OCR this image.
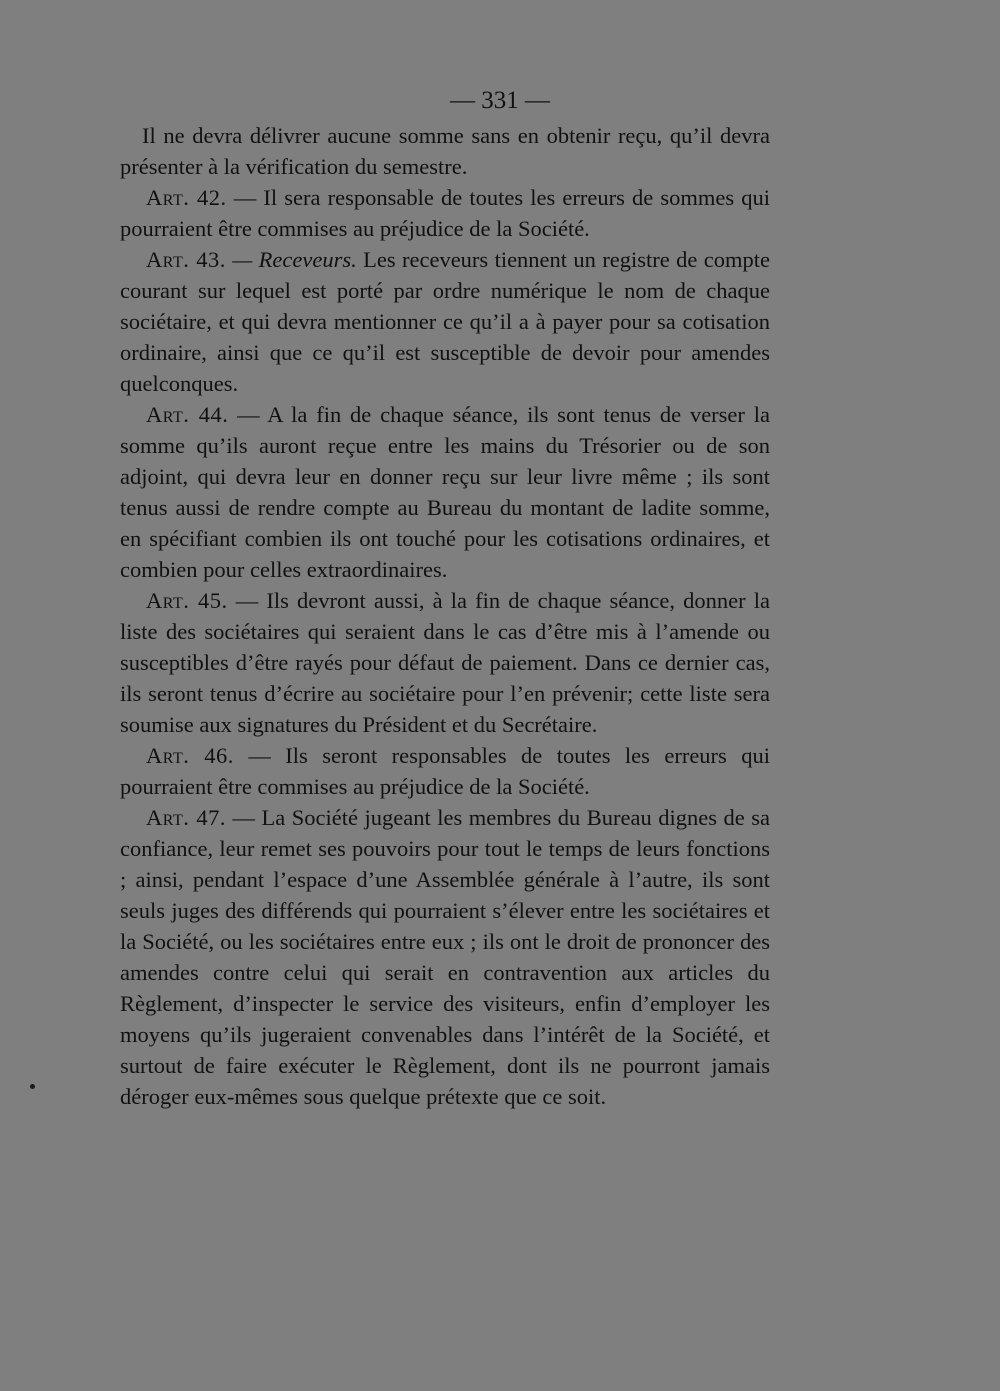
— 331 —

Il ne devra délivrer aucune somme sans en obtenir reçu, qu’il devra présenter à la vérification du semestre.

Art. 42. — Il sera responsable de toutes les erreurs de sommes qui pourraient être commises au préjudice de la Société.

Art. 43. — Receveurs. Les receveurs tiennent un registre de compte courant sur lequel est porté par ordre numérique le nom de chaque sociétaire, et qui devra mentionner ce qu’il a à payer pour sa cotisation ordinaire, ainsi que ce qu’il est susceptible de devoir pour amendes quelconques.

Art. 44. — A la fin de chaque séance, ils sont tenus de verser la somme qu’ils auront reçue entre les mains du Trésorier ou de son adjoint, qui devra leur en donner reçu sur leur livre même ; ils sont tenus aussi de rendre compte au Bureau du montant de ladite somme, en spécifiant combien ils ont touché pour les cotisations ordinaires, et combien pour celles extraordinaires.

Art. 45. — Ils devront aussi, à la fin de chaque séance, donner la liste des sociétaires qui seraient dans le cas d’être mis à l’amende ou susceptibles d’être rayés pour défaut de paiement. Dans ce dernier cas, ils seront tenus d’écrire au sociétaire pour l’en prévenir; cette liste sera soumise aux signatures du Président et du Secrétaire.

Art. 46. — Ils seront responsables de toutes les erreurs qui pourraient être commises au préjudice de la Société.

Art. 47. — La Société jugeant les membres du Bureau dignes de sa confiance, leur remet ses pouvoirs pour tout le temps de leurs fonctions ; ainsi, pendant l’espace d’une Assemblée générale à l’autre, ils sont seuls juges des différends qui pourraient s’élever entre les sociétaires et la Société, ou les sociétaires entre eux ; ils ont le droit de prononcer des amendes contre celui qui serait en contravention aux articles du Règlement, d’inspecter le service des visiteurs, enfin d’employer les moyens qu’ils jugeraient convenables dans l’intérêt de la Société, et surtout de faire exécuter le Règlement, dont ils ne pourront jamais déroger eux-mêmes sous quelque prétexte que ce soit.
